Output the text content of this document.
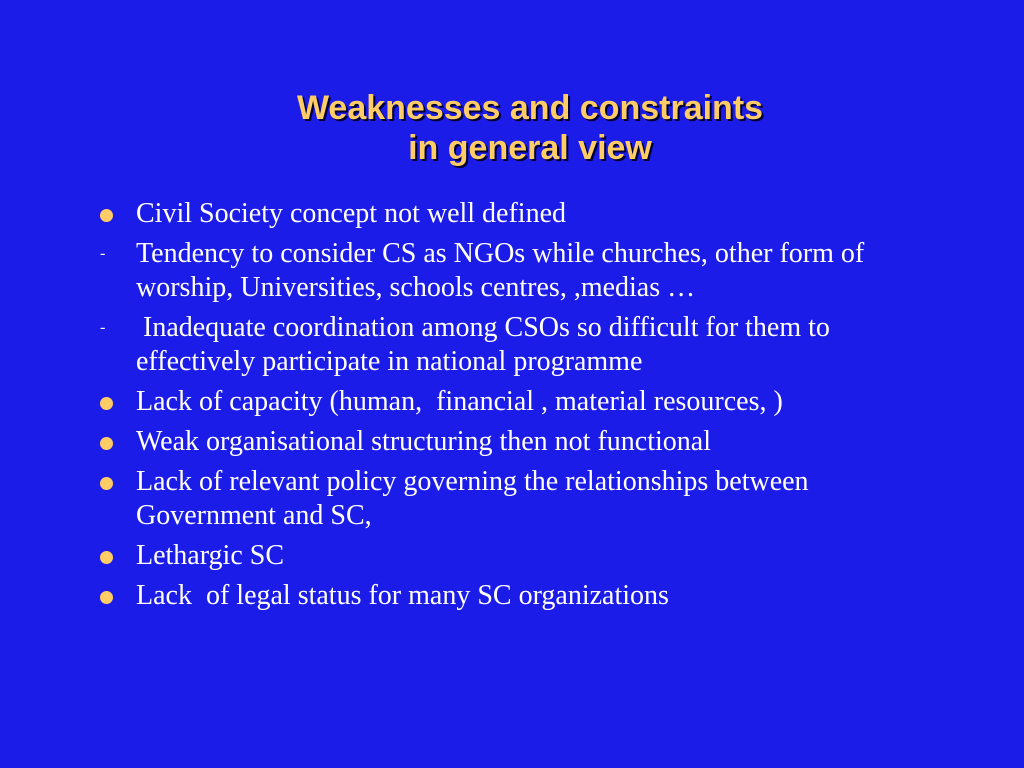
Weaknesses and constraints
in general view
Civil Society concept not well defined
- Tendency to consider CS as NGOs while churches, other form of worship, Universities, schools centres, ,medias …
- Inadequate coordination among CSOs so difficult for them to effectively participate in national programme
Lack of capacity (human,  financial , material resources, )
Weak organisational structuring then not functional
Lack of relevant policy governing the relationships between Government and SC,
Lethargic SC
Lack  of legal status for many SC organizations
